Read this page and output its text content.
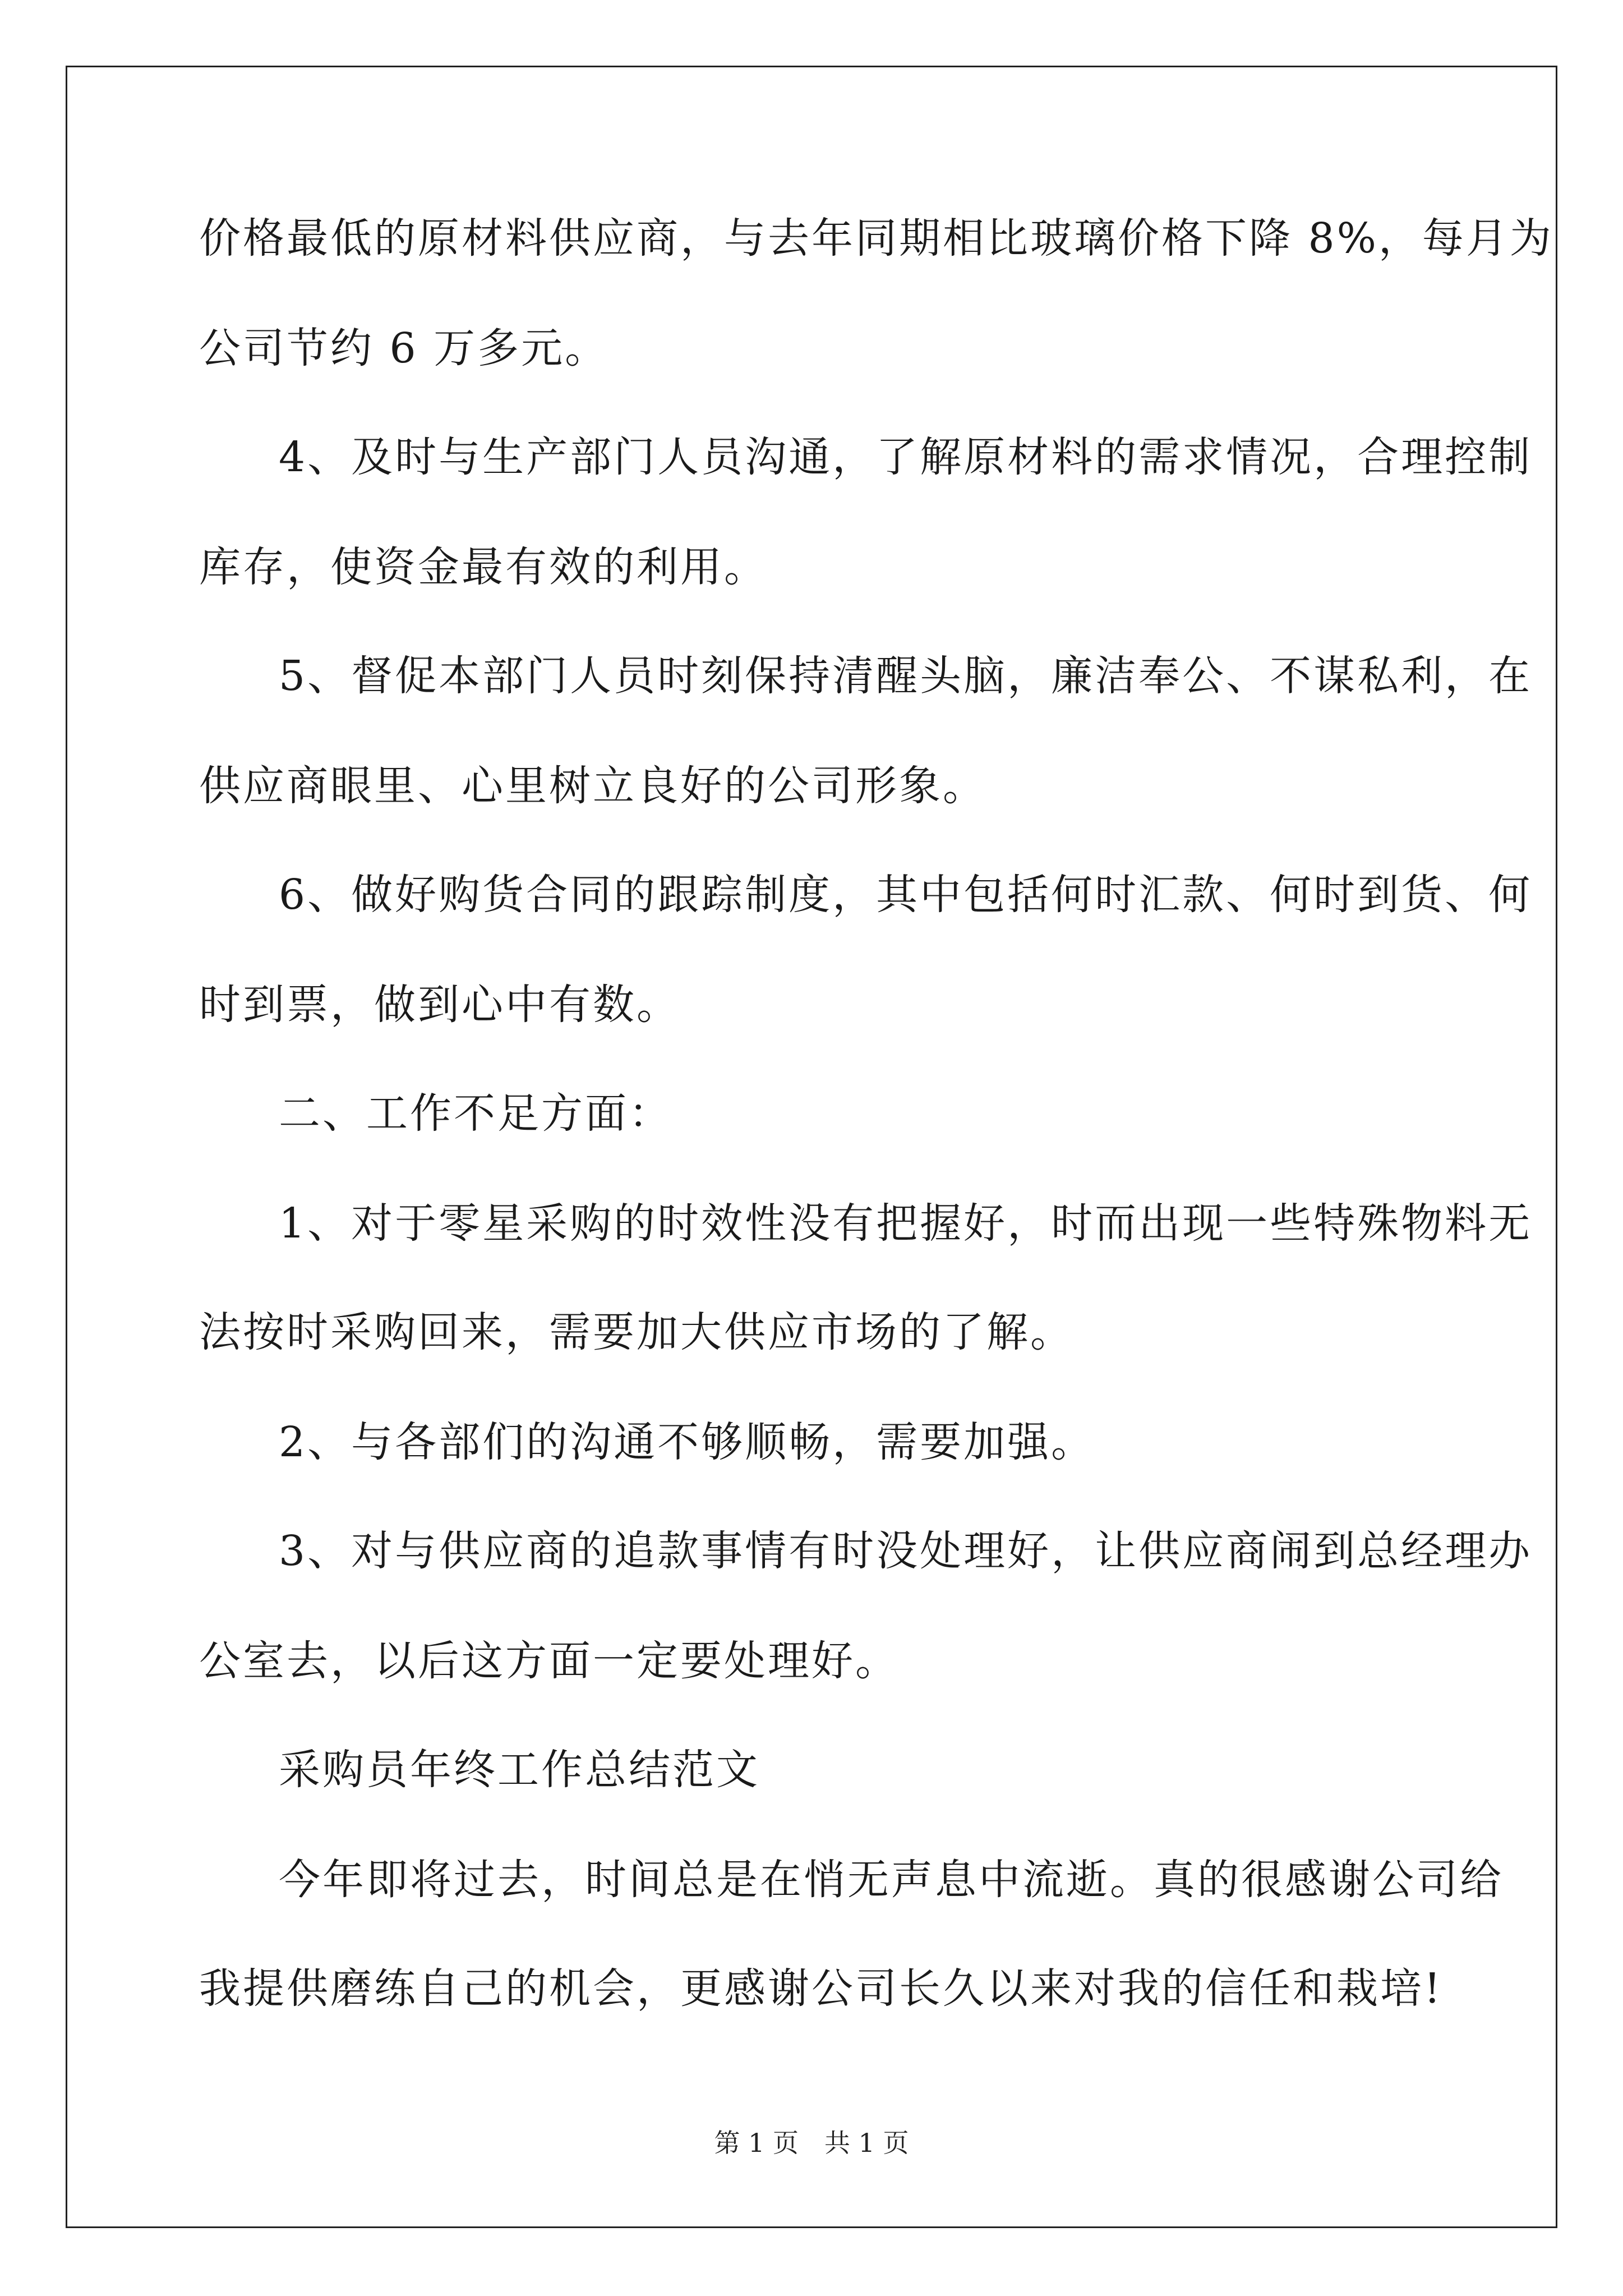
价格最低的原材料供应商，与去年同期相比玻璃价格下降 8%，每月为
公司节约 6 万多元。
4、及时与生产部门人员沟通，了解原材料的需求情况，合理控制
库存，使资金最有效的利用。
5、督促本部门人员时刻保持清醒头脑，廉洁奉公、不谋私利，在
供应商眼里、心里树立良好的公司形象。
6、做好购货合同的跟踪制度，其中包括何时汇款、何时到货、何
时到票，做到心中有数。
二、工作不足方面：
1、对于零星采购的时效性没有把握好，时而出现一些特殊物料无
法按时采购回来，需要加大供应市场的了解。
2、与各部们的沟通不够顺畅，需要加强。
3、对与供应商的追款事情有时没处理好，让供应商闹到总经理办
公室去，以后这方面一定要处理好。
采购员年终工作总结范文
今年即将过去，时间总是在悄无声息中流逝。真的很感谢公司给
我提供磨练自己的机会，更感谢公司长久以来对我的信任和栽培!
第 1 页　共 1 页
